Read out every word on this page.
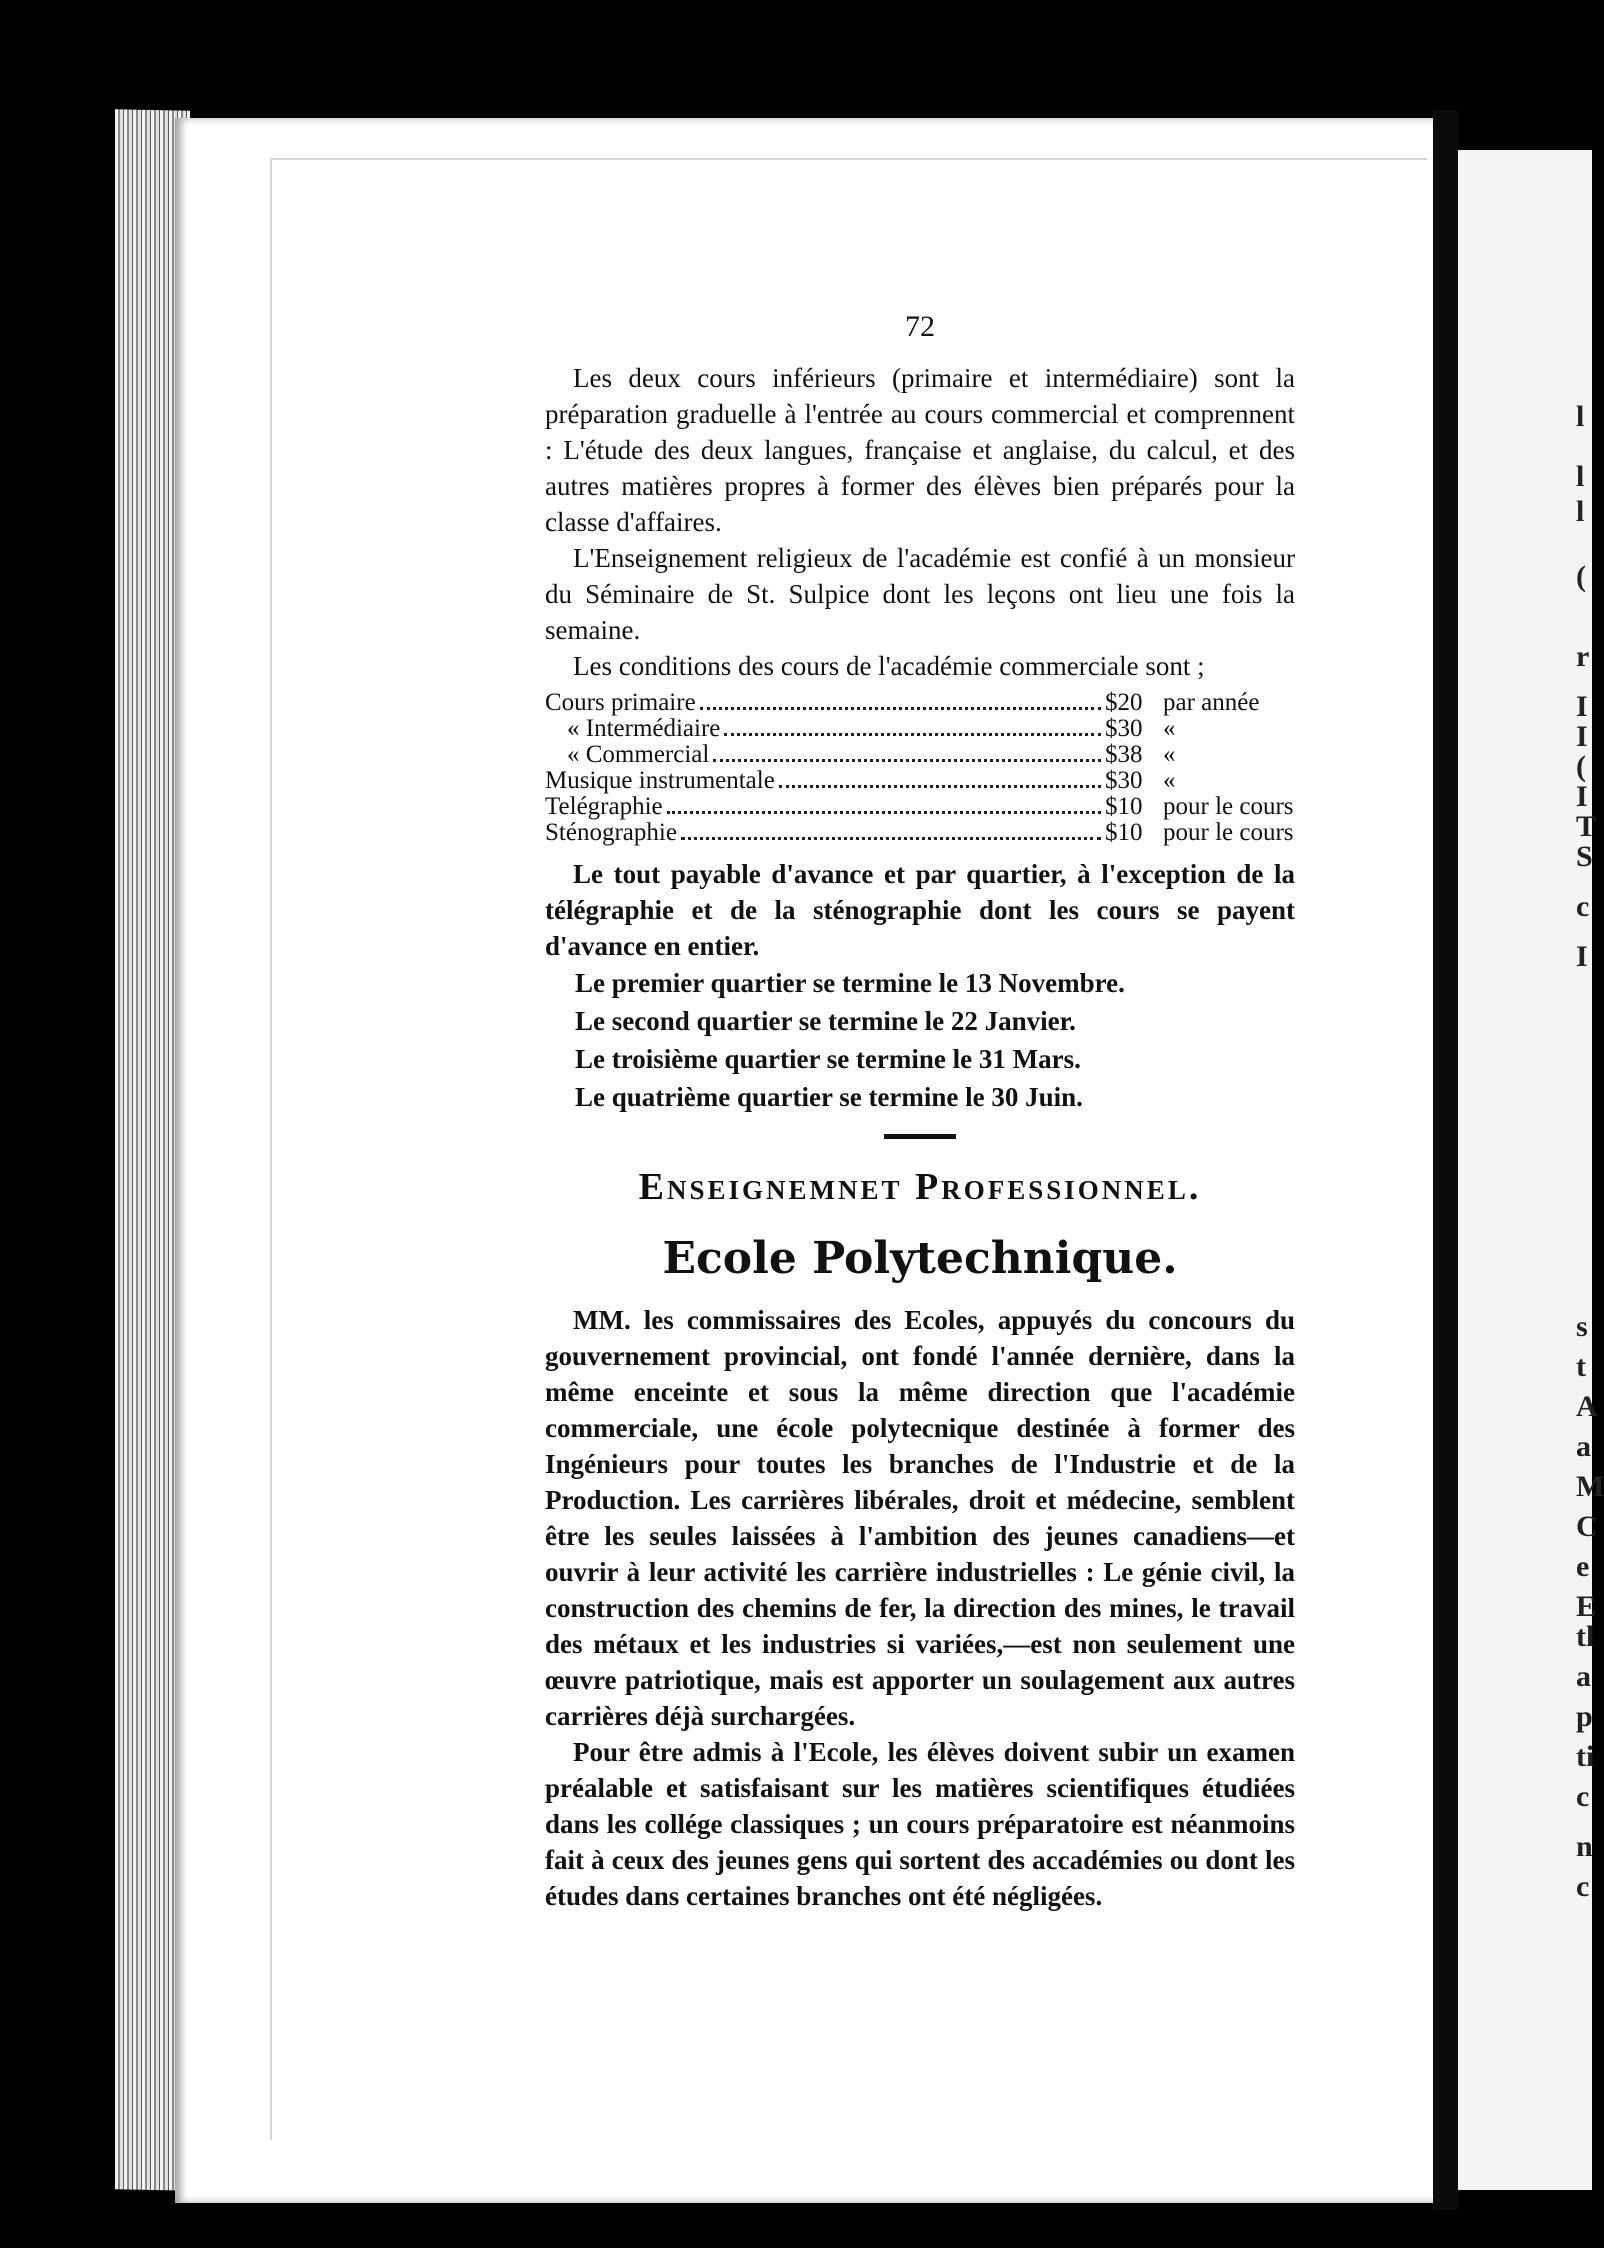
l
l
l
(
r
I
I
(
I
T
S
c
I
s
t
A
a
M
C
e
E
tl
a
p
ti
c
n
c
72

Les deux cours inférieurs (primaire et intermédiaire) sont la préparation graduelle à l'entrée au cours commercial et comprennent : L'étude des deux langues, française et anglaise, du calcul, et des autres matières propres à former des élèves bien préparés pour la classe d'affaires.

L'Enseignement religieux de l'académie est confié à un monsieur du Séminaire de St. Sulpice dont les leçons ont lieu une fois la semaine.

Les conditions des cours de l'académie commerciale sont ;

Cours primaire	$20 par année
« Intermédiaire	$30 «
« Commercial	$38 «
Musique instrumentale	$30 «
Telégraphie	$10 pour le cours
Sténographie	$10 pour le cours

Le tout payable d'avance et par quartier, à l'exception de la télégraphie et de la sténographie dont les cours se payent d'avance en entier.

Le premier quartier se termine le 13 Novembre.

Le second quartier se termine le 22 Janvier.

Le troisième quartier se termine le 31 Mars.

Le quatrième quartier se termine le 30 Juin.

Enseignemnet Professionnel.
Ecole Polytechnique.

MM. les commissaires des Ecoles, appuyés du concours du gouvernement provincial, ont fondé l'année dernière, dans la même enceinte et sous la même direction que l'académie commerciale, une école polytecnique destinée à former des Ingénieurs pour toutes les branches de l'Industrie et de la Production. Les carrières libérales, droit et médecine, semblent être les seules laissées à l'ambition des jeunes canadiens—et ouvrir à leur activité les carrière industrielles : Le génie civil, la construction des chemins de fer, la direction des mines, le travail des métaux et les industries si variées,—est non seulement une œuvre patriotique, mais est apporter un soulagement aux autres carrières déjà surchargées.

Pour être admis à l'Ecole, les élèves doivent subir un examen préalable et satisfaisant sur les matières scientifiques étudiées dans les collége classiques ; un cours préparatoire est néanmoins fait à ceux des jeunes gens qui sortent des accadémies ou dont les études dans certaines branches ont été négligées.
